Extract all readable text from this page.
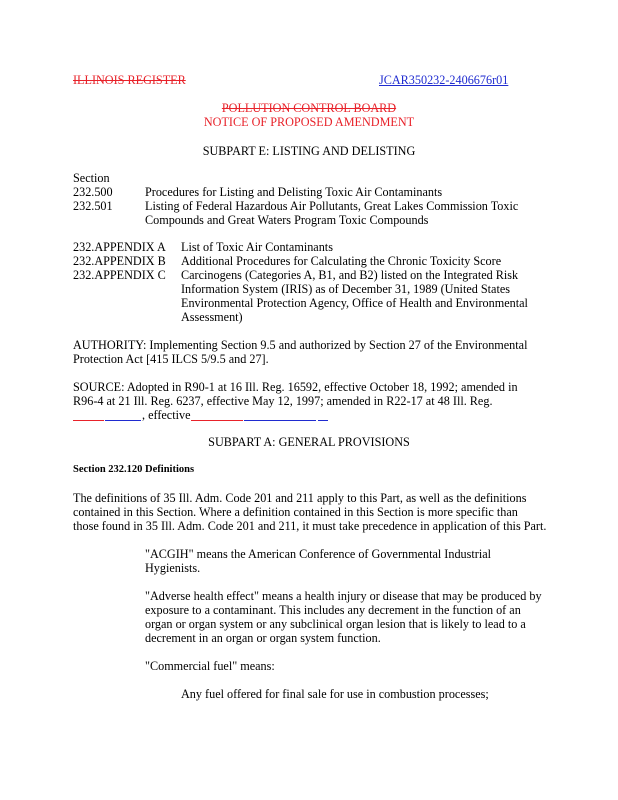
ILLINOIS REGISTER	JCAR350232-2406676r01
POLLUTION CONTROL BOARD
NOTICE OF PROPOSED AMENDMENT
SUBPART E: LISTING AND DELISTING
Section
232.500	Procedures for Listing and Delisting Toxic Air Contaminants
232.501	Listing of Federal Hazardous Air Pollutants, Great Lakes Commission Toxic
Compounds and Great Waters Program Toxic Compounds
232.APPENDIX A List of Toxic Air Contaminants
232.APPENDIX B Additional Procedures for Calculating the Chronic Toxicity Score
232.APPENDIX C Carcinogens (Categories A, B1, and B2) listed on the Integrated Risk
Information System (IRIS) as of December 31, 1989 (United States
Environmental Protection Agency, Office of Health and Environmental
Assessment)
AUTHORITY: Implementing Section 9.5 and authorized by Section 27 of the Environmental
Protection Act [415 ILCS 5/9.5 and 27].
SOURCE: Adopted in R90-1 at 16 Ill. Reg. 16592, effective October 18, 1992; amended in
R96-4 at 21 Ill. Reg. 6237, effective May 12, 1997; amended in R22-17 at 48 Ill. Reg.
, effective
SUBPART A: GENERAL PROVISIONS
Section 232.120 Definitions
The definitions of 35 Ill. Adm. Code 201 and 211 apply to this Part, as well as the definitions
contained in this Section. Where a definition contained in this Section is more specific than
those found in 35 Ill. Adm. Code 201 and 211, it must take precedence in application of this Part.
"ACGIH" means the American Conference of Governmental Industrial
Hygienists.
"Adverse health effect" means a health injury or disease that may be produced by
exposure to a contaminant. This includes any decrement in the function of an
organ or organ system or any subclinical organ lesion that is likely to lead to a
decrement in an organ or organ system function.
"Commercial fuel" means:
Any fuel offered for final sale for use in combustion processes;
